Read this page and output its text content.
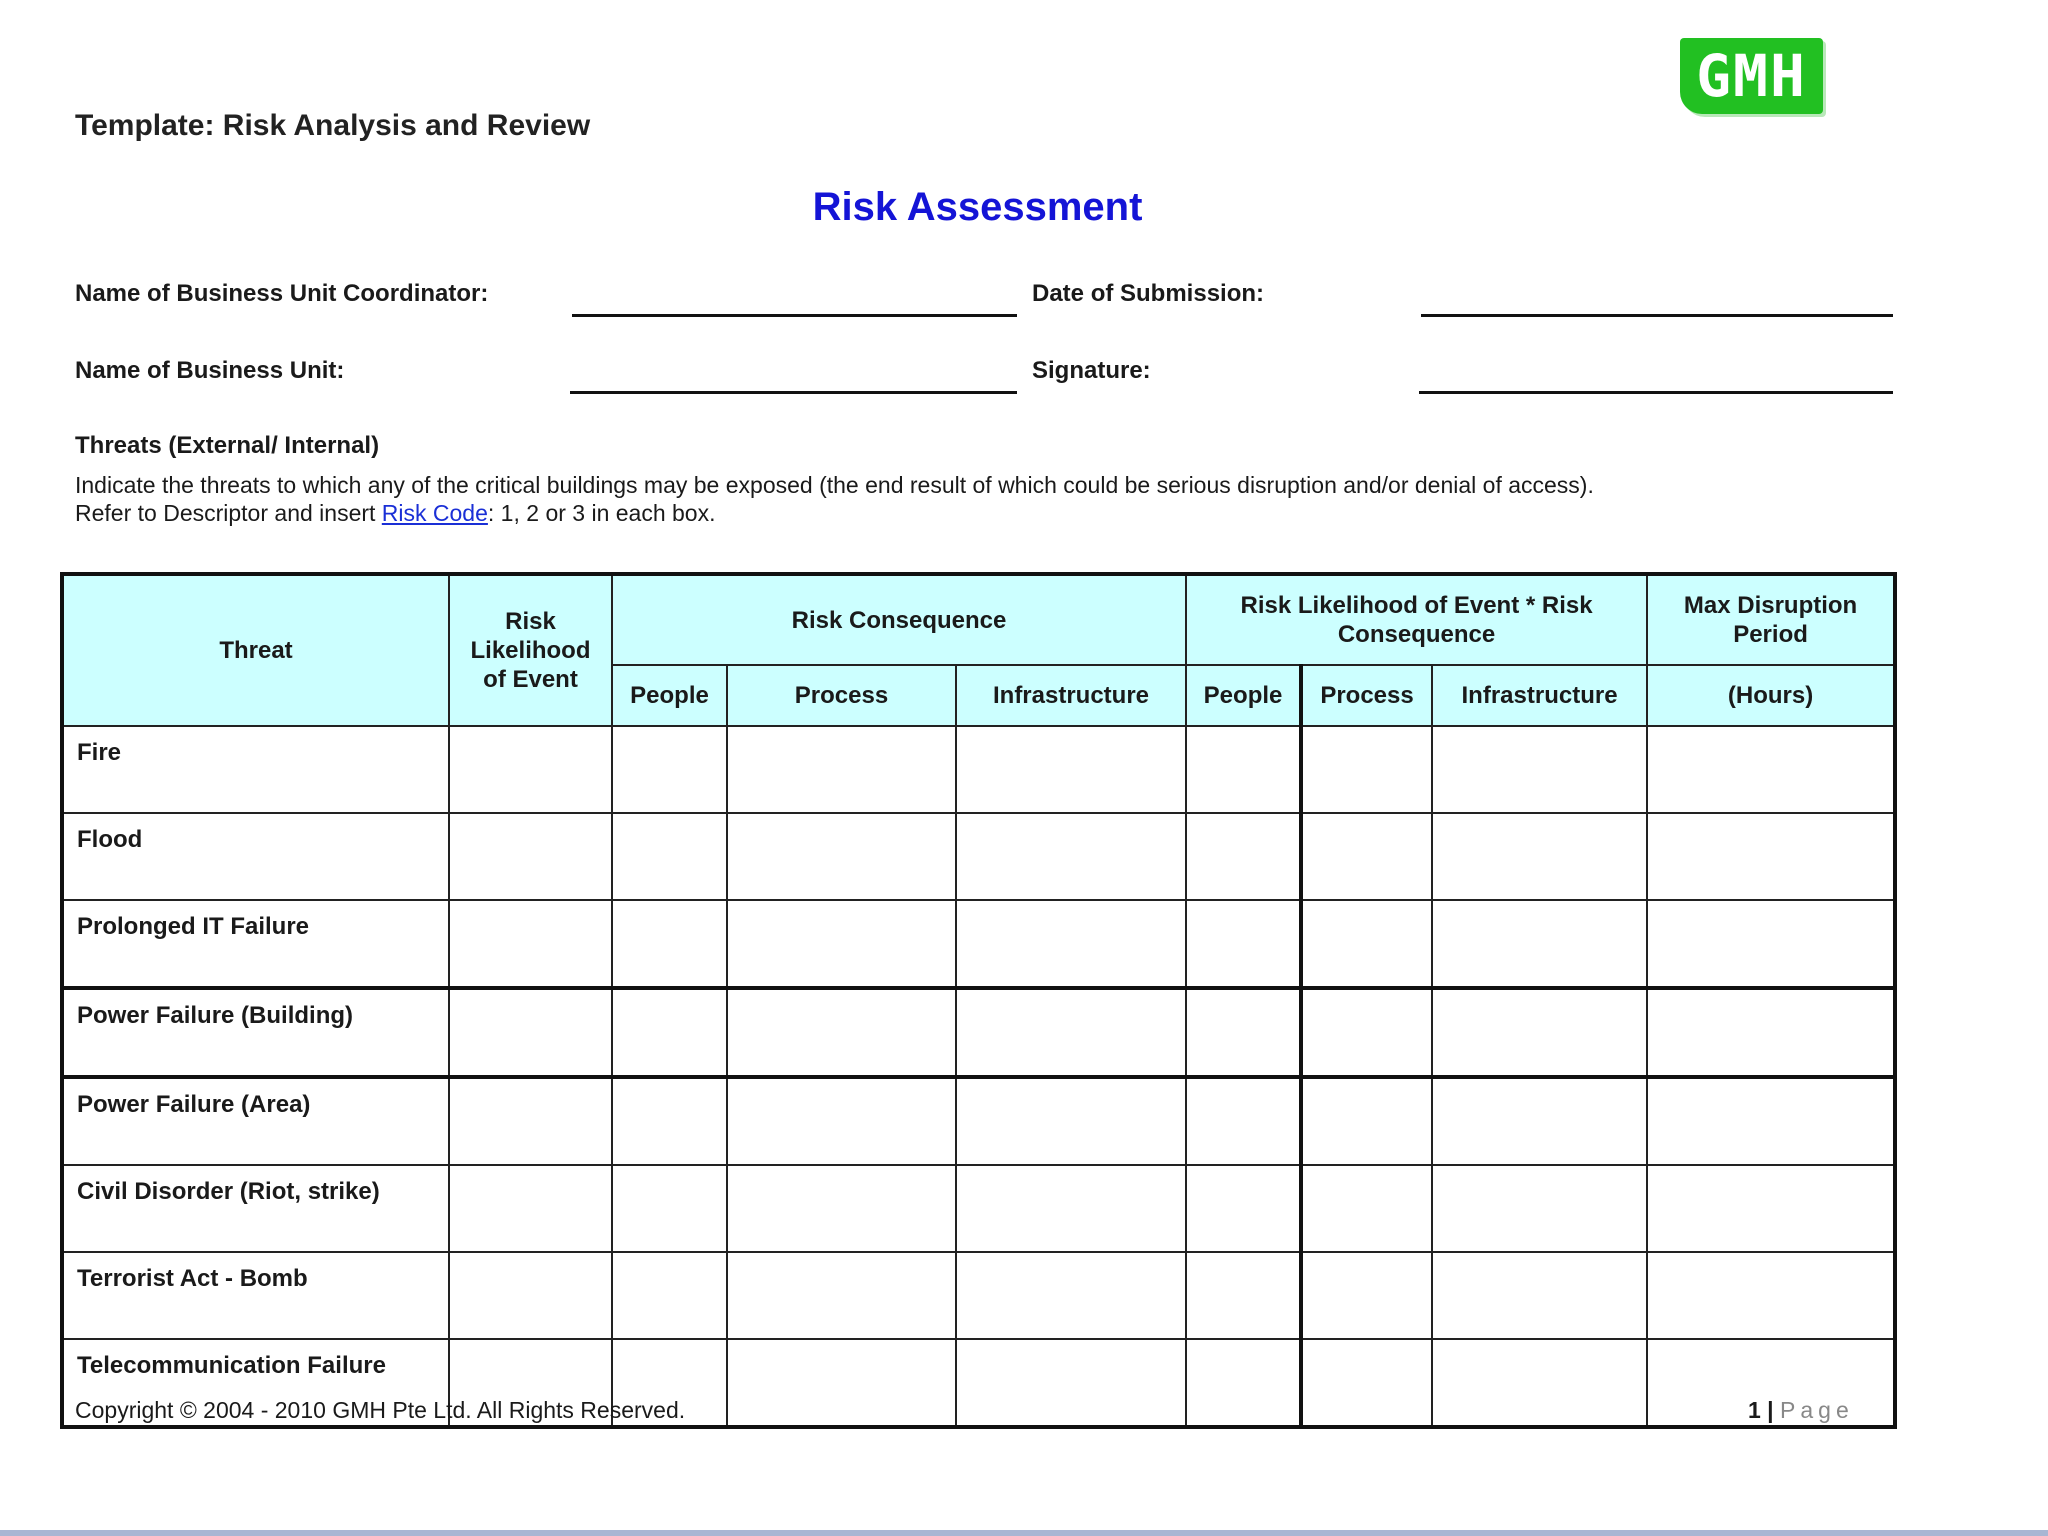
GMH
Template: Risk Analysis and Review
Risk Assessment
Name of Business Unit Coordinator:	Date of Submission:
Name of Business Unit:	Signature:
Threats (External/ Internal)
Indicate the threats to which any of the critical buildings may be exposed (the end result of which could be serious disruption and/or denial of access).
Refer to Descriptor and insert Risk Code: 1, 2 or 3 in each box.
Threat	Risk Likelihood of Event	Risk Consequence			Risk Likelihood of Event * Risk Consequence			Max Disruption Period
		People	Process	Infrastructure	People	Process	Infrastructure	(Hours)
Fire								
Flood								
Prolonged IT Failure								
Power Failure (Building)								
Power Failure (Area)								
Civil Disorder (Riot, strike)								
Terrorist Act - Bomb								
Telecommunication Failure								
Copyright © 2004 - 2010 GMH Pte Ltd. All Rights Reserved.	1 | Page
